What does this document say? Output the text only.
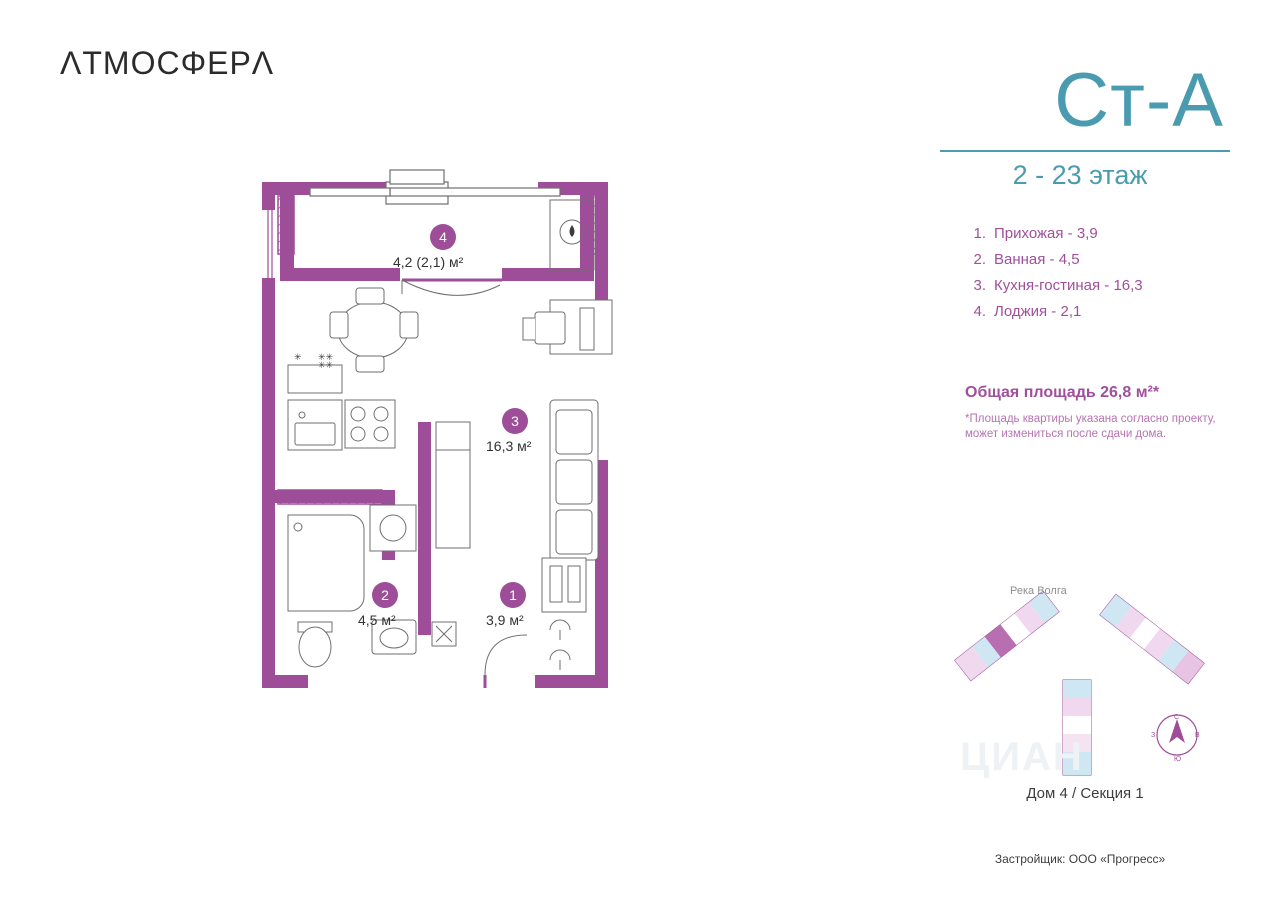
ΛTMOCΦEPΛ
✳ ✳✳
✳✳
4
4,2 (2,1) м²
3
16,3 м²
2
4,5 м²
1
3,9 м²
Ст-А
2 - 23 этаж
1. Прихожая - 3,9
2. Ванная - 4,5
3. Кухня-гостиная - 16,3
4. Лоджия - 2,1
Общая площадь 26,8 м²*
*Площадь квартиры указана согласно проекту, может измениться после сдачи дома.
Река Волга
С
Ю
В
З
Дом 4 / Секция 1
ЦИАН
Застройщик: ООО «Прогресс»
